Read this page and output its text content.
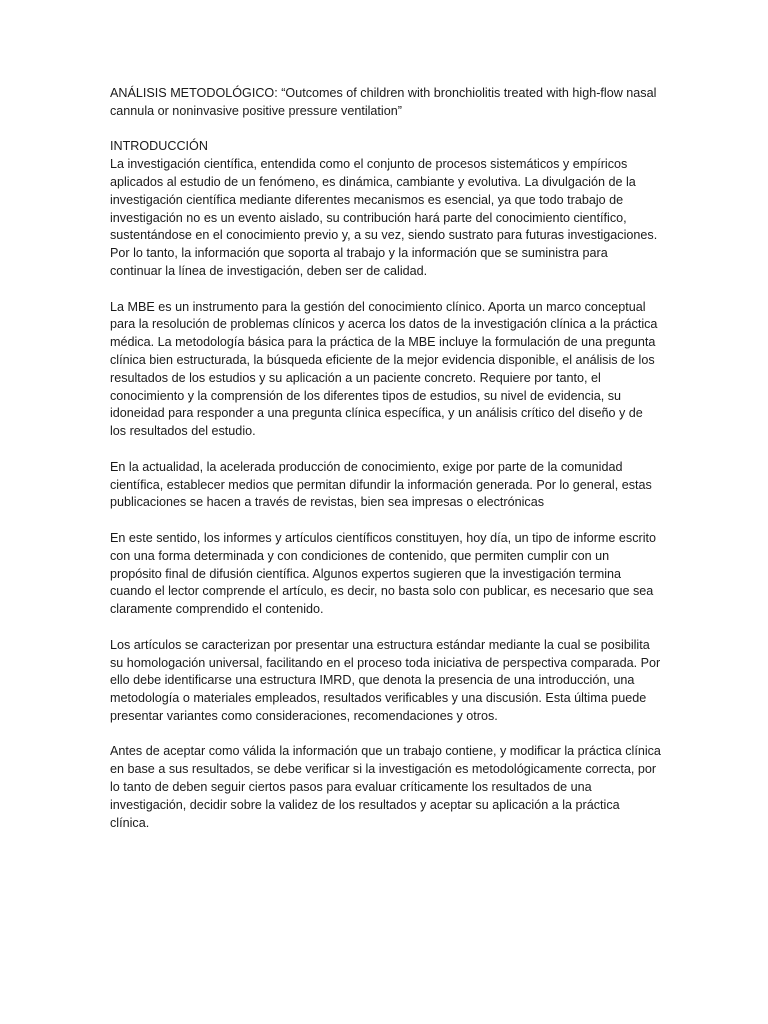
ANÁLISIS METODOLÓGICO: “Outcomes of children with bronchiolitis treated with high-flow nasal cannula or noninvasive positive pressure ventilation”

INTRODUCCIÓN
La investigación científica, entendida como el conjunto de procesos sistemáticos y empíricos aplicados al estudio de un fenómeno, es dinámica, cambiante y evolutiva. La divulgación de la investigación científica mediante diferentes mecanismos es esencial, ya que todo trabajo de investigación no es un evento aislado, su contribución hará parte del conocimiento científico, sustentándose en el conocimiento previo y, a su vez, siendo sustrato para futuras investigaciones. Por lo tanto, la información que soporta al trabajo y la información que se suministra para continuar la línea de investigación, deben ser de calidad.

La MBE es un instrumento para la gestión del conocimiento clínico. Aporta un marco conceptual para la resolución de problemas clínicos y acerca los datos de la investigación clínica a la práctica médica. La metodología básica para la práctica de la MBE incluye la formulación de una pregunta clínica bien estructurada, la búsqueda eficiente de la mejor evidencia disponible, el análisis de los resultados de los estudios y su aplicación a un paciente concreto. Requiere por tanto, el conocimiento y la comprensión de los diferentes tipos de estudios, su nivel de evidencia, su idoneidad para responder a una pregunta clínica específica, y un análisis crítico del diseño y de los resultados del estudio.

En la actualidad, la acelerada producción de conocimiento, exige por parte de la comunidad científica, establecer medios que permitan difundir la información generada. Por lo general, estas publicaciones se hacen a través de revistas, bien sea impresas o electrónicas

En este sentido, los informes y artículos científicos constituyen, hoy día, un tipo de informe escrito con una forma determinada y con condiciones de contenido, que permiten cumplir con un propósito final de difusión científica. Algunos expertos sugieren que la investigación termina cuando el lector comprende el artículo, es decir, no basta solo con publicar, es necesario que sea claramente comprendido el contenido.

Los artículos se caracterizan por presentar una estructura estándar mediante la cual se posibilita su homologación universal, facilitando en el proceso toda iniciativa de perspectiva comparada. Por ello debe identificarse una estructura IMRD, que denota la presencia de una introducción, una metodología o materiales empleados, resultados verificables y una discusión. Esta última puede presentar variantes como consideraciones, recomendaciones y otros.

Antes de aceptar como válida la información que un trabajo contiene, y modificar la práctica clínica en base a sus resultados, se debe verificar si la investigación es metodológicamente correcta, por lo tanto de deben seguir ciertos pasos para evaluar críticamente los resultados de una investigación, decidir sobre la validez de los resultados y aceptar su aplicación a la práctica clínica.
